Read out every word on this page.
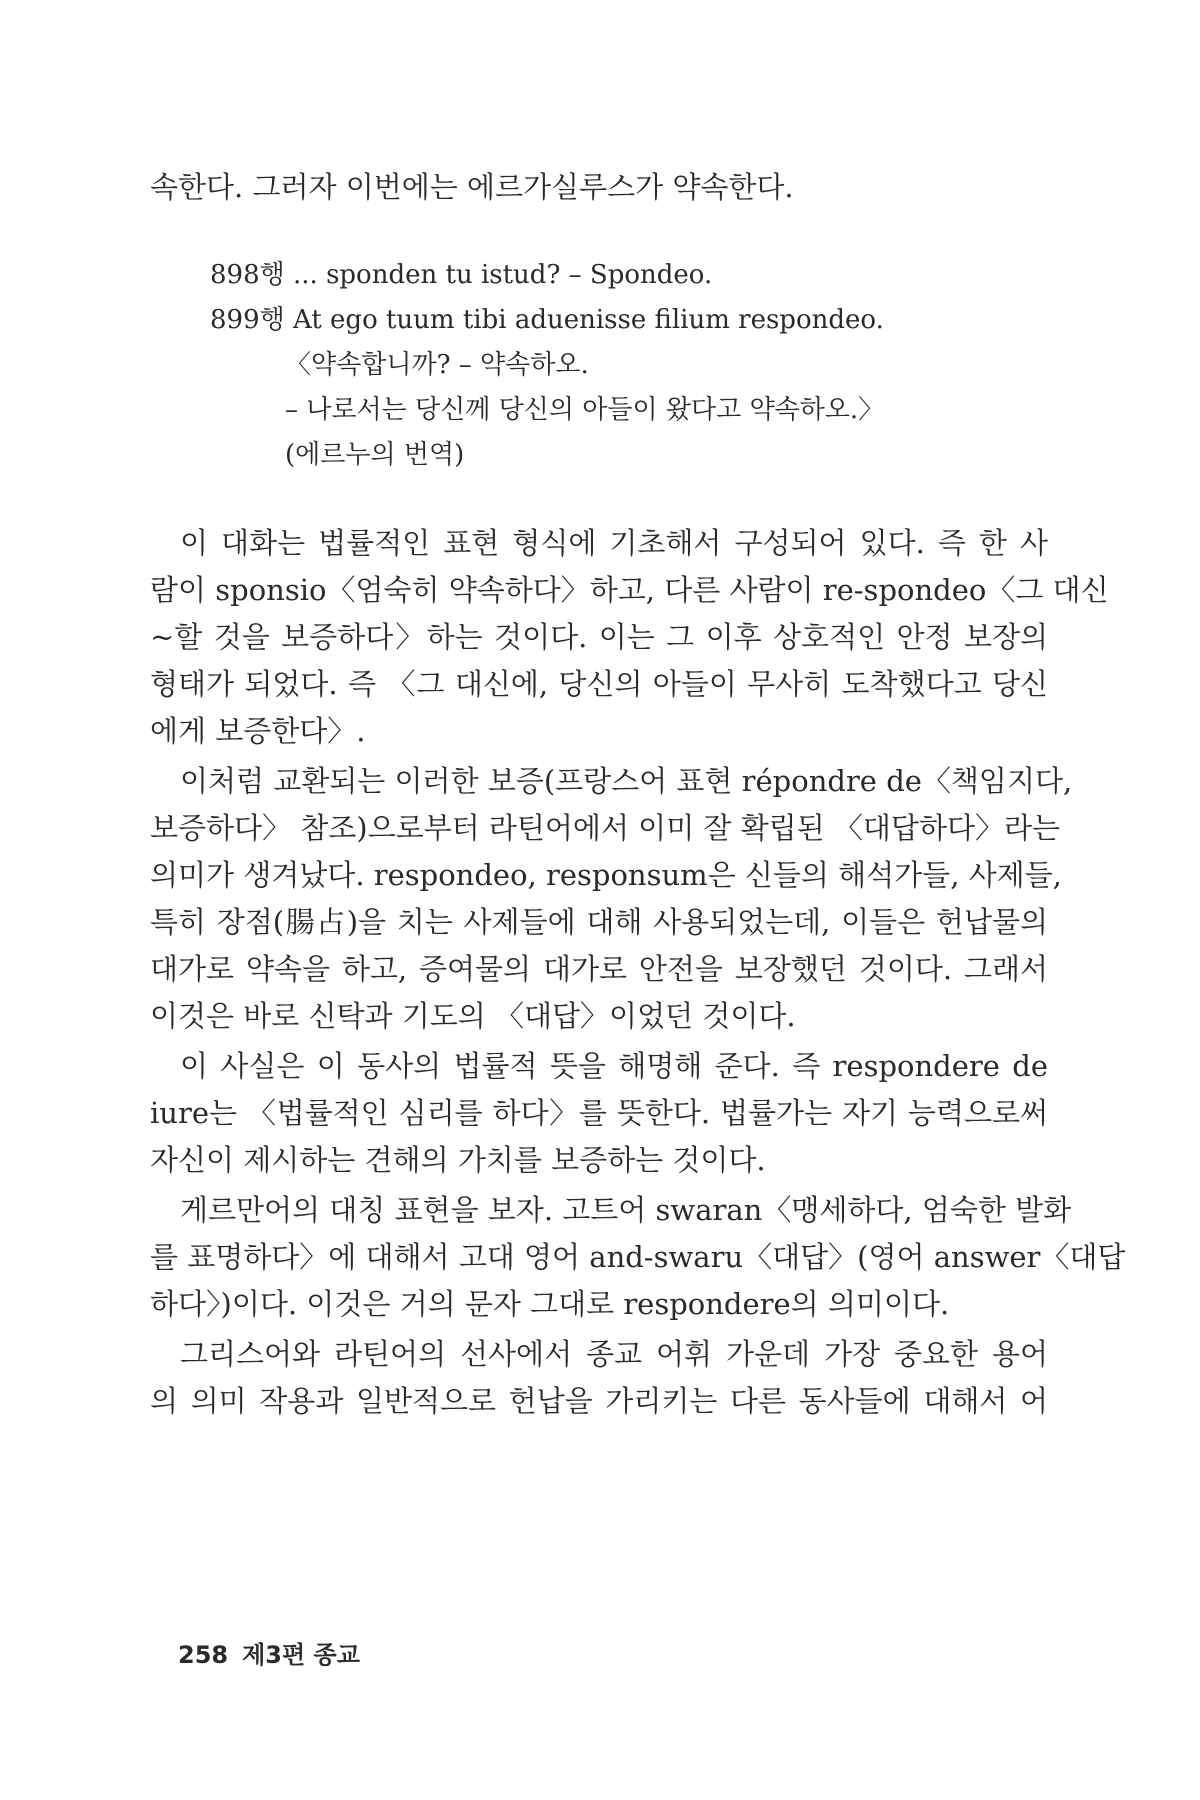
속한다. 그러자 이번에는 에르가실루스가 약속한다.
898행 ... sponden tu istud? – Spondeo.
899행 At ego tuum tibi aduenisse filium respondeo.
〈약속합니까? – 약속하오.
– 나로서는 당신께 당신의 아들이 왔다고 약속하오.〉
(에르누의 번역)
이 대화는 법률적인 표현 형식에 기초해서 구성되어 있다. 즉 한 사
람이 sponsio〈엄숙히 약속하다〉하고, 다른 사람이 re-spondeo〈그 대신
~할 것을 보증하다〉하는 것이다. 이는 그 이후 상호적인 안정 보장의
형태가 되었다. 즉 〈그 대신에, 당신의 아들이 무사히 도착했다고 당신
에게 보증한다〉.
이처럼 교환되는 이러한 보증(프랑스어 표현 répondre de〈책임지다,
보증하다〉 참조)으로부터 라틴어에서 이미 잘 확립된 〈대답하다〉라는
의미가 생겨났다. respondeo, responsum은 신들의 해석가들, 사제들,
특히 장점(腸占)을 치는 사제들에 대해 사용되었는데, 이들은 헌납물의
대가로 약속을 하고, 증여물의 대가로 안전을 보장했던 것이다. 그래서
이것은 바로 신탁과 기도의 〈대답〉이었던 것이다.
이 사실은 이 동사의 법률적 뜻을 해명해 준다. 즉 respondere de
iure는 〈법률적인 심리를 하다〉를 뜻한다. 법률가는 자기 능력으로써
자신이 제시하는 견해의 가치를 보증하는 것이다.
게르만어의 대칭 표현을 보자. 고트어 swaran〈맹세하다, 엄숙한 발화
를 표명하다〉에 대해서 고대 영어 and-swaru〈대답〉(영어 answer〈대답
하다〉)이다. 이것은 거의 문자 그대로 respondere의 의미이다.
그리스어와 라틴어의 선사에서 종교 어휘 가운데 가장 중요한 용어
의 의미 작용과 일반적으로 헌납을 가리키는 다른 동사들에 대해서 어
258 제3편 종교
